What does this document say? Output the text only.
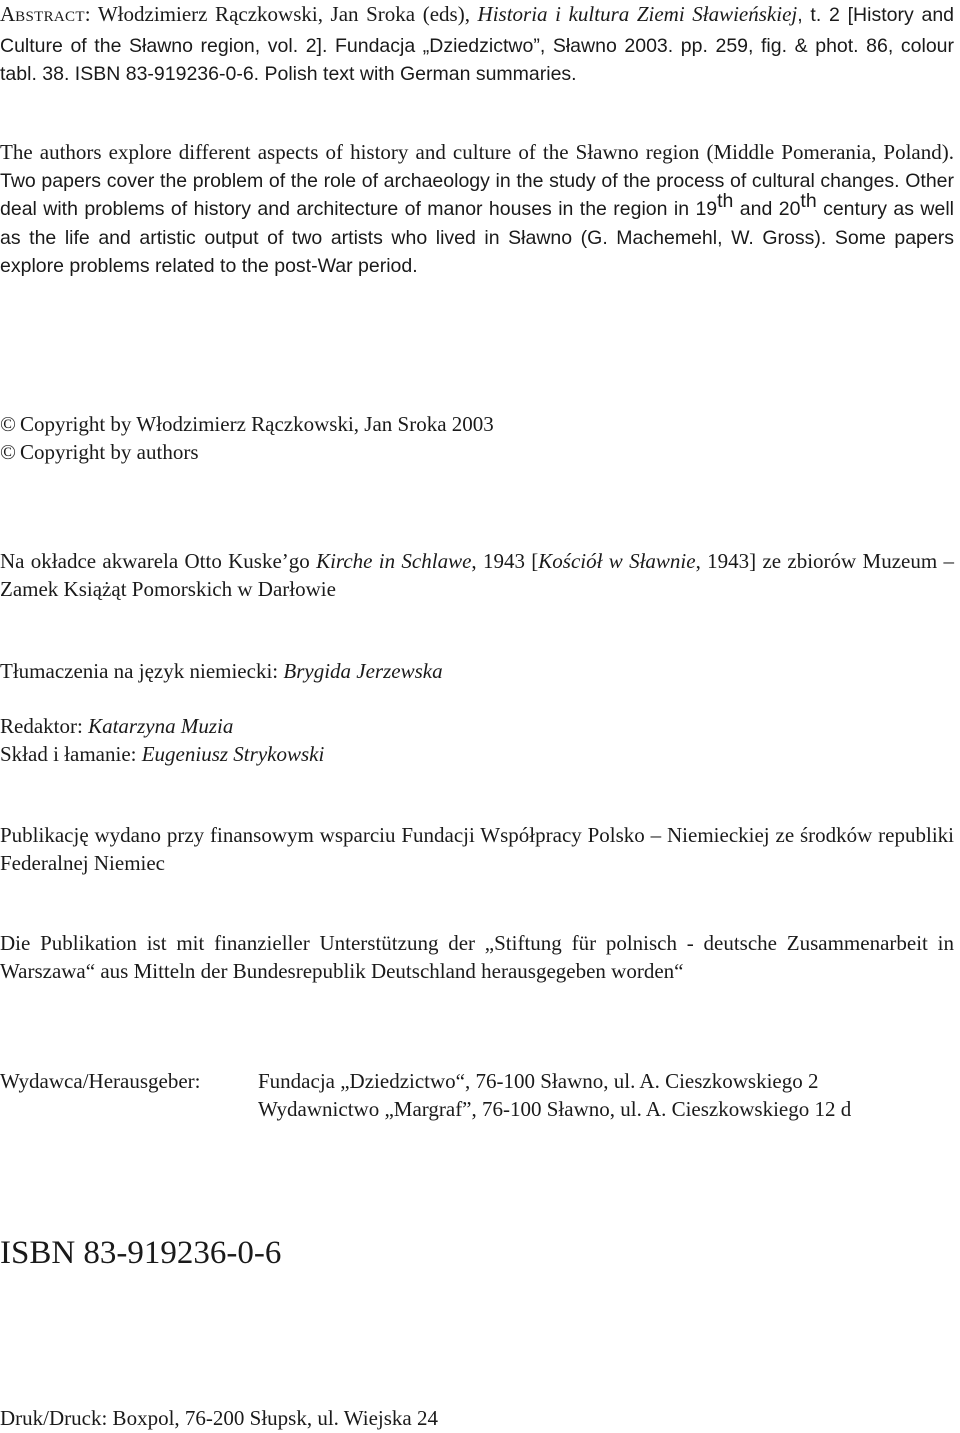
ABSTRACT: Włodzimierz Rączkowski, Jan Sroka (eds), Historia i kultura Ziemi Sławieńskiej, t. 2 [History and Culture of the Sławno region, vol. 2]. Fundacja „Dziedzictwo”, Sławno 2003. pp. 259, fig. & phot. 86, colour tabl. 38. ISBN 83-919236-0-6. Polish text with German summaries.

The authors explore different aspects of history and culture of the Sławno region (Middle Pomerania, Poland). Two papers cover the problem of the role of archaeology in the study of the process of cultural changes. Other deal with problems of history and architecture of manor houses in the region in 19th and 20th century as well as the life and artistic output of two artists who lived in Sławno (G. Machemehl, W. Gross). Some papers explore problems related to the post-War period.

© Copyright by Włodzimierz Rączkowski, Jan Sroka 2003
© Copyright by authors

Na okładce akwarela Otto Kuske’go Kirche in Schlawe, 1943 [Kościół w Sławnie, 1943] ze zbiorów Muzeum – Zamek Książąt Pomorskich w Darłowie

Tłumaczenia na język niemiecki: Brygida Jerzewska
Redaktor: Katarzyna Muzia
Skład i łamanie: Eugeniusz Strykowski

Publikację wydano przy finansowym wsparciu Fundacji Współpracy Polsko – Niemieckiej ze środków republiki Federalnej Niemiec

Die Publikation ist mit finanzieller Unterstützung der „Stiftung für polnisch - deutsche Zusammenarbeit in Warszawa“ aus Mitteln der Bundesrepublik Deutschland herausgegeben worden“

Wydawca/Herausgeber:	Fundacja „Dziedzictwo“, 76-100 Sławno, ul. A. Cieszkowskiego 2
Wydawnictwo „Margraf”, 76-100 Sławno, ul. A. Cieszkowskiego 12 d
ISBN 83-919236-0-6
Druk/Druck: Boxpol, 76-200 Słupsk, ul. Wiejska 24
